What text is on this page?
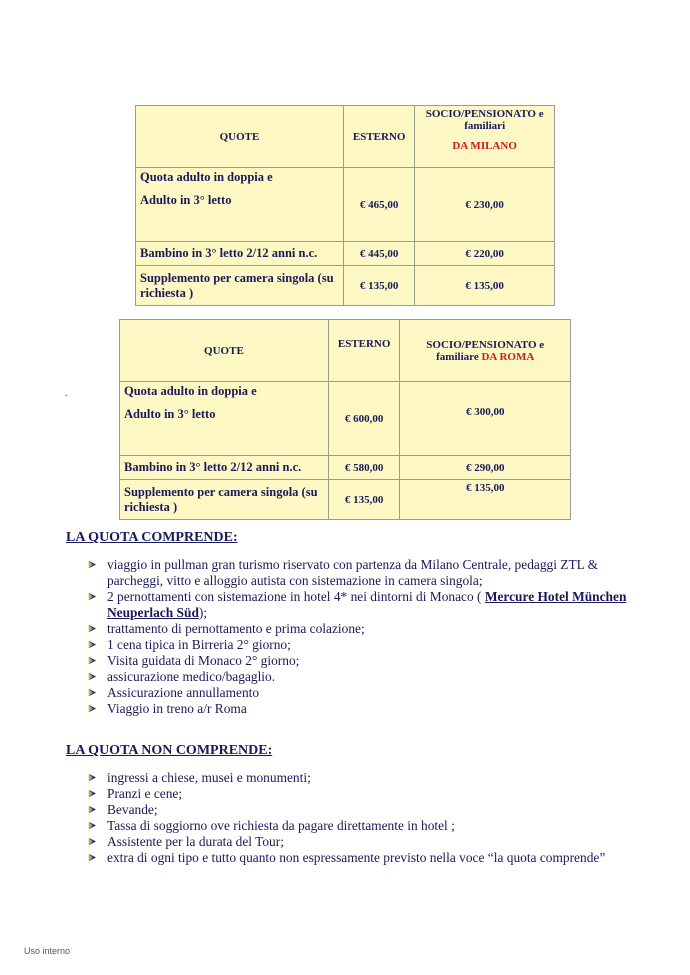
QUOTE	ESTERNO	SOCIO/PENSIONATO e familiari
DA MILANO

Quota adulto in doppia e
Adulto in 3° letto	€ 465,00	€ 230,00
Bambino in 3° letto 2/12 anni n.c.	€ 445,00	€ 220,00
Supplemento per camera singola (su richiesta )	€ 135,00	€ 135,00
.
QUOTE	ESTERNO	SOCIO/PENSIONATO e familiare DA ROMA

Quota adulto in doppia e
Adulto in 3° letto	€ 600,00	€ 300,00
Bambino in 3° letto 2/12 anni n.c.	€ 580,00	€ 290,00
Supplemento per camera singola (su richiesta )	€ 135,00	€ 135,00
LA QUOTA COMPRENDE:
viaggio in pullman gran turismo riservato con partenza da Milano Centrale, pedaggi ZTL & parcheggi, vitto e alloggio autista con sistemazione in camera singola;
2 pernottamenti con sistemazione in hotel 4* nei dintorni di Monaco ( Mercure Hotel München Neuperlach Süd);
trattamento di pernottamento e prima colazione;
1 cena tipica in Birreria 2° giorno;
Visita guidata di Monaco 2° giorno;
assicurazione medico/bagaglio.
Assicurazione annullamento
Viaggio in treno a/r Roma
LA QUOTA NON COMPRENDE:
ingressi a chiese, musei e monumenti;
Pranzi e cene;
Bevande;
Tassa di soggiorno ove richiesta da pagare direttamente in hotel ;
Assistente per la durata del Tour;
extra di ogni tipo e tutto quanto non espressamente previsto nella voce “la quota comprende”
Uso interno
